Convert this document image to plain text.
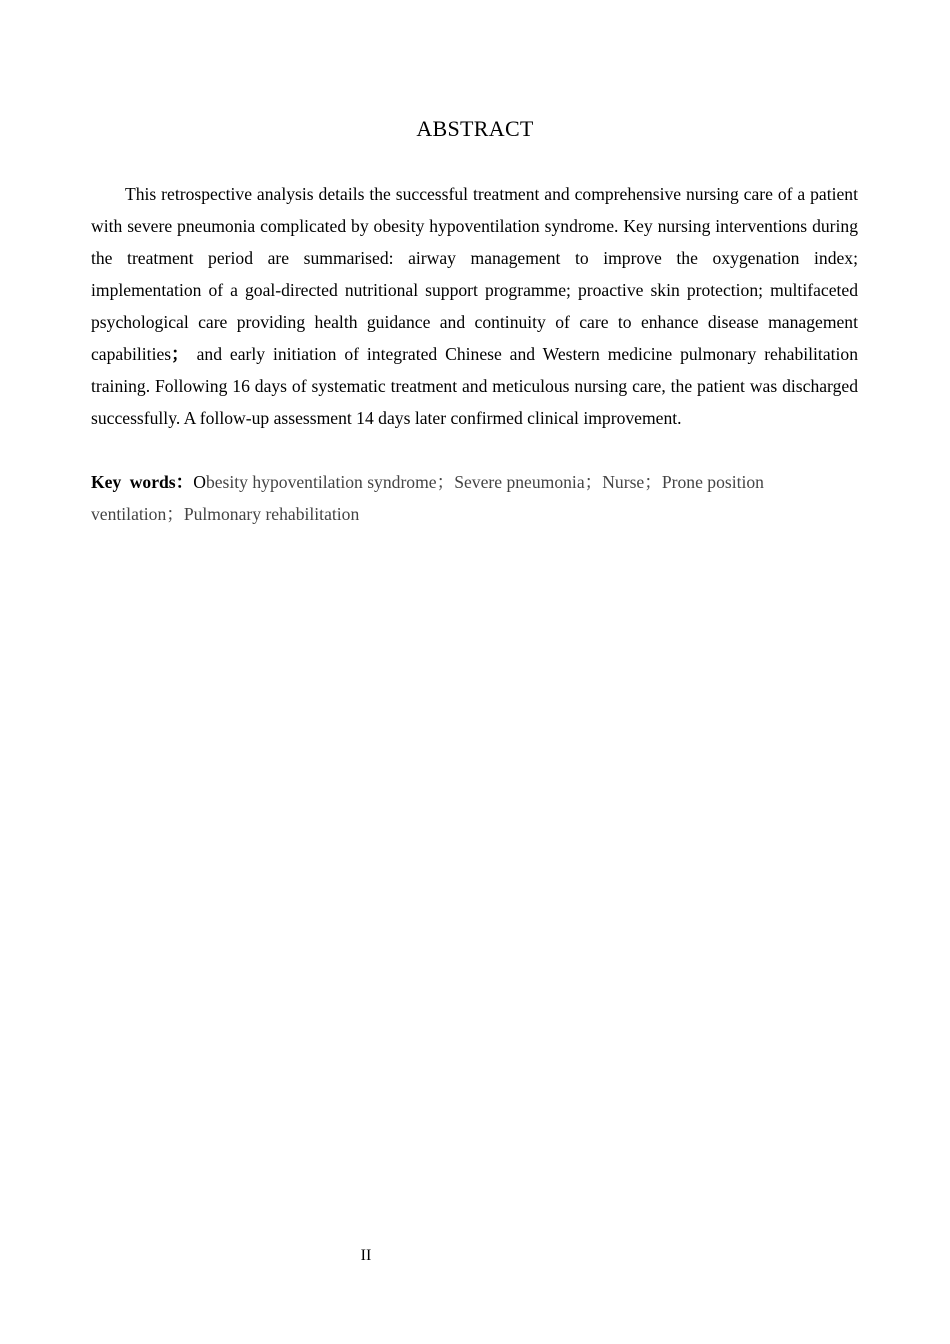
ABSTRACT

This retrospective analysis details the successful treatment and comprehensive nursing care of a patient with severe pneumonia complicated by obesity hypoventilation syndrome. Key nursing interventions during the treatment period are summarised: airway management to improve the oxygenation index; implementation of a goal-directed nutritional support programme; proactive skin protection; multifaceted psychological care providing health guidance and continuity of care to enhance disease management capabilities； and early initiation of integrated Chinese and Western medicine pulmonary rehabilitation training. Following 16 days of systematic treatment and meticulous nursing care, the patient was discharged successfully. A follow-up assessment 14 days later confirmed clinical improvement.

Key words：Obesity hypoventilation syndrome；Severe pneumonia；Nurse；Prone position ventilation；Pulmonary rehabilitation

II
